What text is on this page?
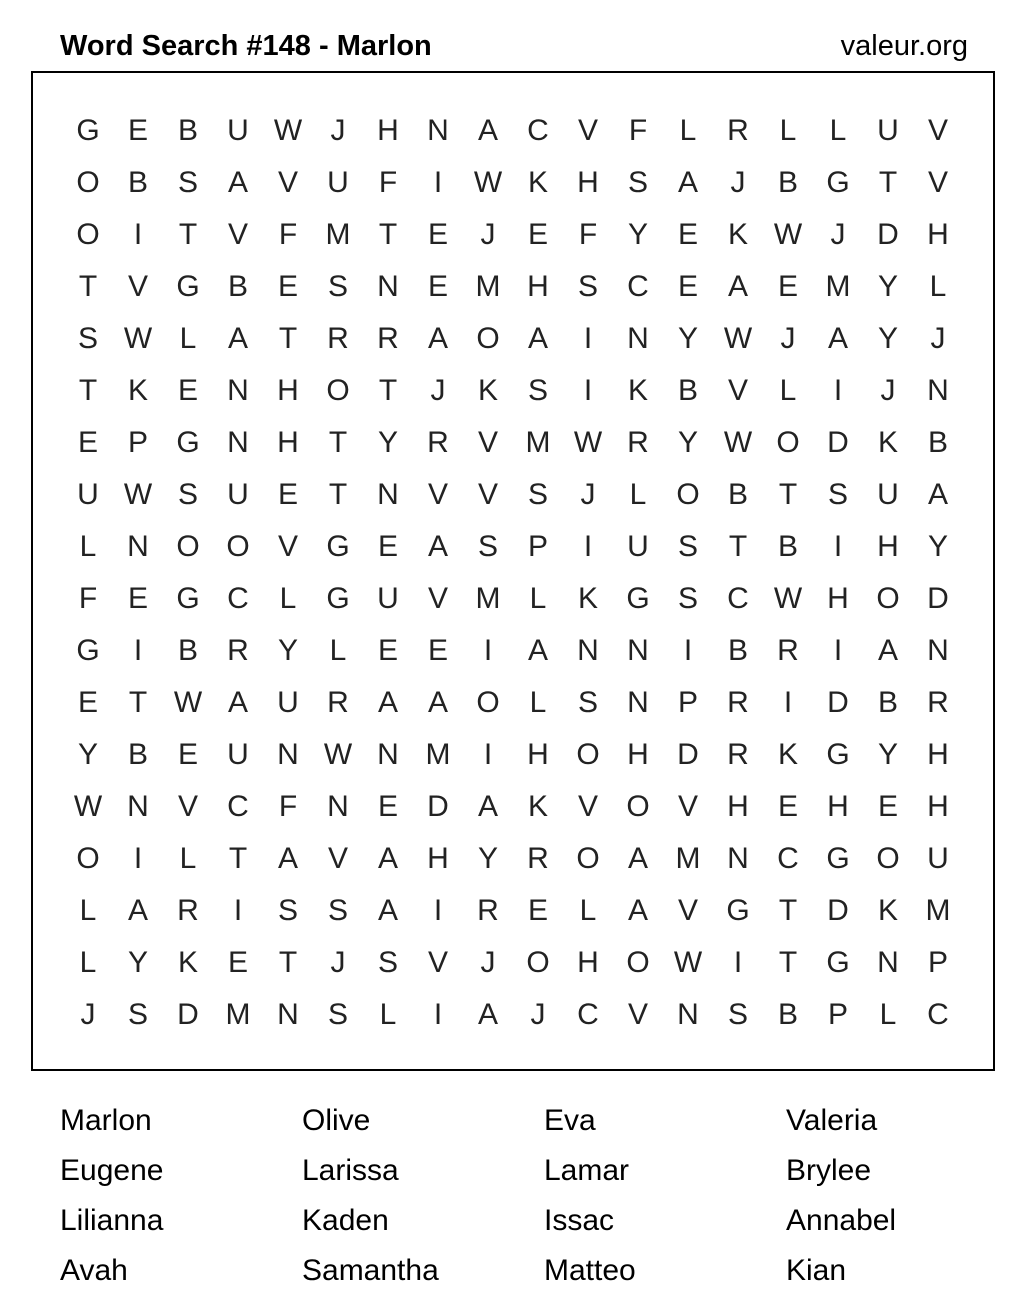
Word Search #148 - Marlon	valeur.org
G E B U W J	H N A C V	F	L	R	L	L	U V
O B S A V U	F	I	W K H S A	J	B G T	V
O	I	T	V	F M T	E	J	E	F	Y E K W J	D H
T	V G B E S N E M H S C E A E M Y	L
S W L	A	T	R R A O A	I	N Y W J	A Y	J
T	K E N H O T	J	K S	I	K B V	L	I	J	N
E P G N H	T	Y R V M W R Y W O D K B
U W S U E	T	N V V S	J	L O B	T	S U A
L	N O O V G E A S P	I	U S	T	B	I	H Y
F	E G C	L G U V M L	K G S C W H O D
G	I	B R Y	L	E E	I	A N N	I	B R	I	A N
E	T W A U R A A O L	S N P R	I	D B R
Y B E U N W N M	I	H O H D R K G Y H
W N V C	F	N E D A K V O V H E H E H
O	I	L	T	A V A H Y R O A M N C G O U
L	A R	I	S S A	I	R E	L	A V G T	D K M
L	Y K E	T	J	S V	J	O H O W	I	T G N P
J	S D M N S	L	I	A	J	C V N S B P	L	C
Marlon	Olive	Eva	Valeria
Eugene	Larissa	Lamar	Brylee
Lilianna	Kaden	Issac	Annabel
Avah	Samantha	Matteo	Kian
